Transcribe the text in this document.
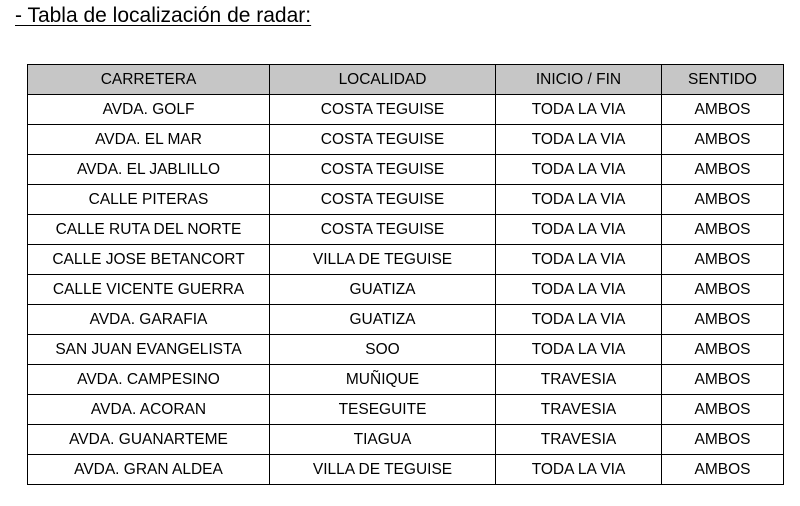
- Tabla de localización de radar:
CARRETERA	LOCALIDAD	INICIO / FIN	SENTIDO
AVDA. GOLF	COSTA TEGUISE	TODA LA VIA	AMBOS
AVDA. EL MAR	COSTA TEGUISE	TODA LA VIA	AMBOS
AVDA. EL JABLILLO	COSTA TEGUISE	TODA LA VIA	AMBOS
CALLE PITERAS	COSTA TEGUISE	TODA LA VIA	AMBOS
CALLE RUTA DEL NORTE	COSTA TEGUISE	TODA LA VIA	AMBOS
CALLE JOSE BETANCORT	VILLA DE TEGUISE	TODA LA VIA	AMBOS
CALLE VICENTE GUERRA	GUATIZA	TODA LA VIA	AMBOS
AVDA. GARAFIA	GUATIZA	TODA LA VIA	AMBOS
SAN JUAN EVANGELISTA	SOO	TODA LA VIA	AMBOS
AVDA. CAMPESINO	MUÑIQUE	TRAVESIA	AMBOS
AVDA. ACORAN	TESEGUITE	TRAVESIA	AMBOS
AVDA. GUANARTEME	TIAGUA	TRAVESIA	AMBOS
AVDA. GRAN ALDEA	VILLA DE TEGUISE	TODA LA VIA	AMBOS
